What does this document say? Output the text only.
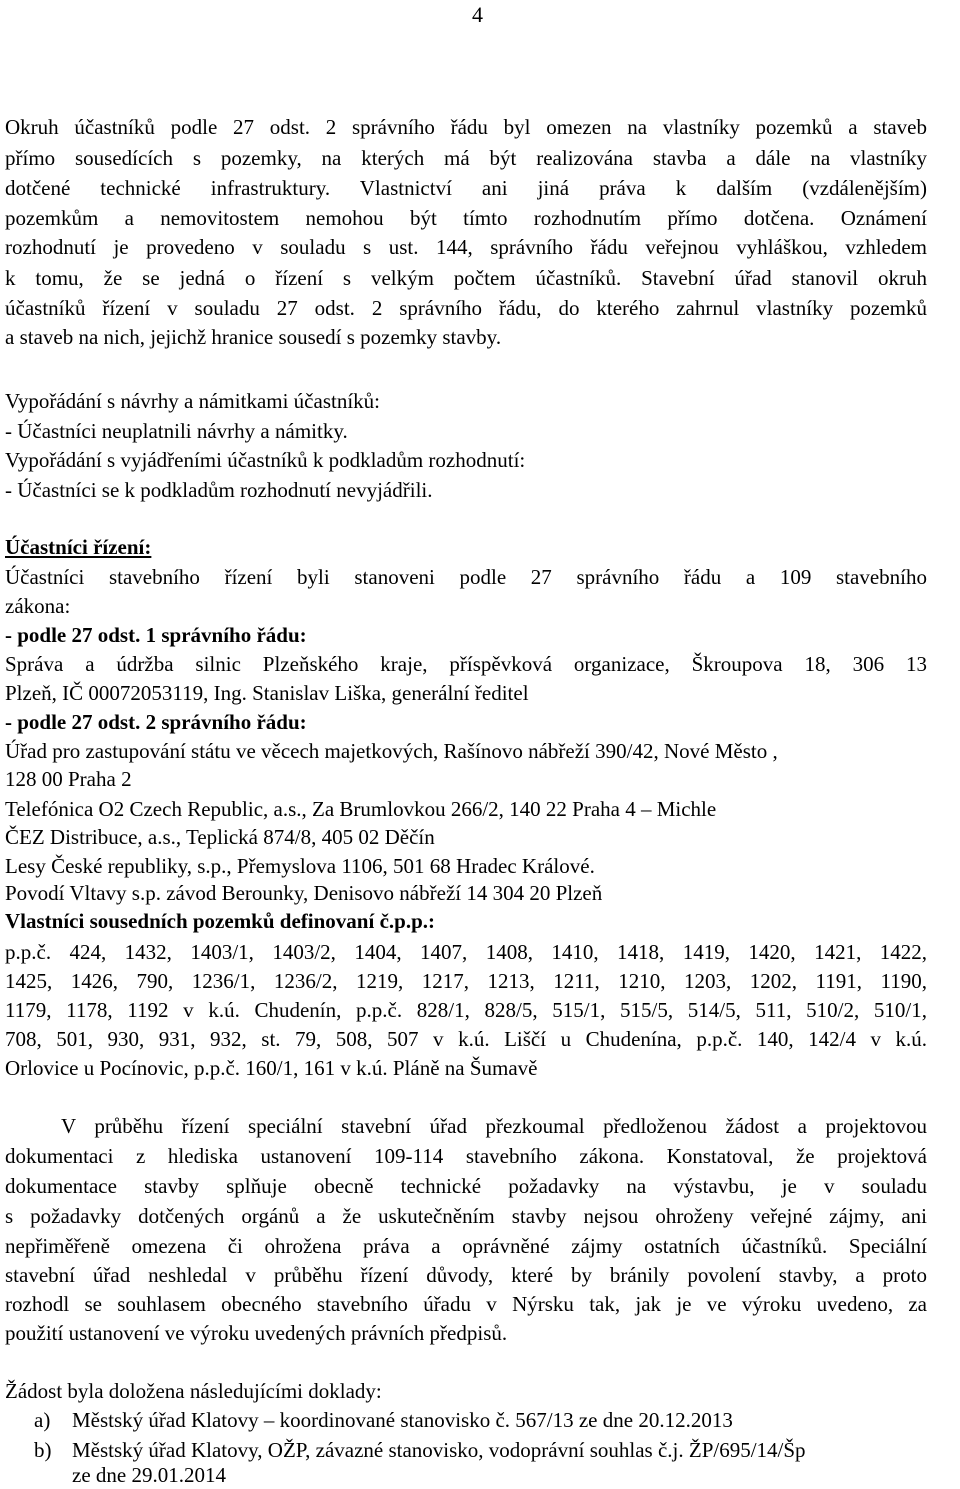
4
Okruh účastníků podle 27 odst. 2 správního řádu byl omezen na vlastníky pozemků a staveb
přímo sousedících s pozemky, na kterých má být realizována stavba a dále na vlastníky
dotčené technické infrastruktury. Vlastnictví ani jiná práva k dalším (vzdálenějším)
pozemkům a nemovitostem nemohou být tímto rozhodnutím přímo dotčena. Oznámení
rozhodnutí je provedeno v souladu s ust. 144, správního řádu veřejnou vyhláškou, vzhledem
k tomu, že se jedná o řízení s velkým počtem účastníků. Stavební úřad stanovil okruh
účastníků řízení v souladu 27 odst. 2 správního řádu, do kterého zahrnul vlastníky pozemků
a staveb na nich, jejichž hranice sousedí s pozemky stavby.
Vypořádání s návrhy a námitkami účastníků:
- Účastníci neuplatnili návrhy a námitky.
Vypořádání s vyjádřeními účastníků k podkladům rozhodnutí:
- Účastníci se k podkladům rozhodnutí nevyjádřili.
Účastníci řízení:
Účastníci stavebního řízení byli stanoveni podle 27 správního řádu a 109 stavebního
zákona:
- podle 27 odst. 1 správního řádu:
Správa a údržba silnic Plzeňského kraje, příspěvková organizace, Škroupova 18, 306 13
Plzeň, IČ 00072053119, Ing. Stanislav Liška, generální ředitel
- podle 27 odst. 2 správního řádu:
Úřad pro zastupování státu ve věcech majetkových, Rašínovo nábřeží 390/42, Nové Město ,
128 00 Praha 2
Telefónica O2 Czech Republic, a.s., Za Brumlovkou 266/2, 140 22 Praha 4 – Michle
ČEZ Distribuce, a.s., Teplická 874/8, 405 02 Děčín
Lesy České republiky, s.p., Přemyslova 1106, 501 68 Hradec Králové.
Povodí Vltavy s.p. závod Berounky, Denisovo nábřeží 14 304 20 Plzeň
Vlastníci sousedních pozemků definovaní č.p.p.:
p.p.č. 424, 1432, 1403/1, 1403/2, 1404, 1407, 1408, 1410, 1418, 1419, 1420, 1421, 1422,
1425, 1426, 790, 1236/1, 1236/2, 1219, 1217, 1213, 1211, 1210, 1203, 1202, 1191, 1190,
1179, 1178, 1192 v k.ú. Chudenín, p.p.č. 828/1, 828/5, 515/1, 515/5, 514/5, 511, 510/2, 510/1,
708, 501, 930, 931, 932, st. 79, 508, 507 v k.ú. Liščí u Chudenína, p.p.č. 140, 142/4 v k.ú.
Orlovice u Pocínovic, p.p.č. 160/1, 161 v k.ú. Pláně na Šumavě
V průběhu řízení speciální stavební úřad přezkoumal předloženou žádost a projektovou
dokumentaci z hlediska ustanovení 109-114 stavebního zákona. Konstatoval, že projektová
dokumentace stavby splňuje obecně technické požadavky na výstavbu, je v souladu
s požadavky dotčených orgánů a že uskutečněním stavby nejsou ohroženy veřejné zájmy, ani
nepřiměřeně omezena či ohrožena práva a oprávněné zájmy ostatních účastníků. Speciální
stavební úřad neshledal v průběhu řízení důvody, které by bránily povolení stavby, a proto
rozhodl se souhlasem obecného stavebního úřadu v Nýrsku tak, jak je ve výroku uvedeno, za
použití ustanovení ve výroku uvedených právních předpisů.
Žádost byla doložena následujícími doklady:
a) Městský úřad Klatovy – koordinované stanovisko č. 567/13 ze dne 20.12.2013
b) Městský úřad Klatovy, OŽP, závazné stanovisko, vodoprávní souhlas č.j. ŽP/695/14/Šp
ze dne 29.01.2014
